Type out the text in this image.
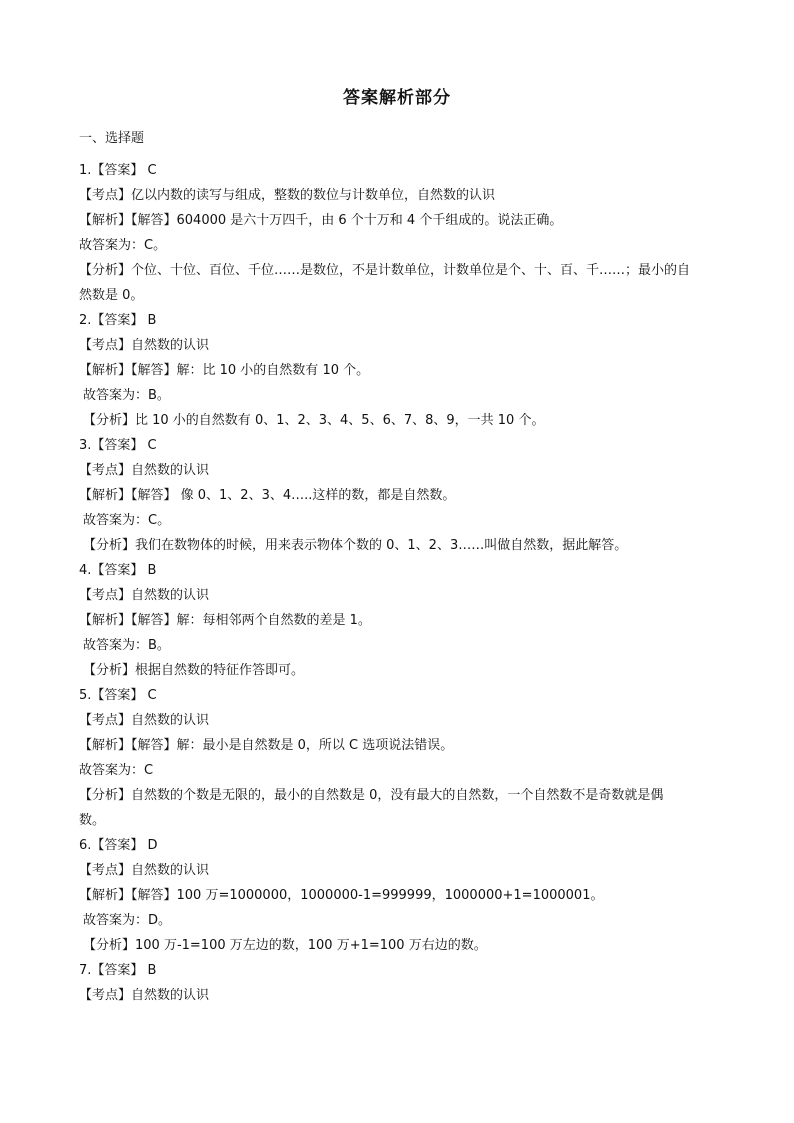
答案解析部分
一、选择题
1.【答案】 C
【考点】亿以内数的读写与组成，整数的数位与计数单位，自然数的认识
【解析】【解答】604000 是六十万四千，由 6 个十万和 4 个千组成的。说法正确。
故答案为：C。
【分析】个位、十位、百位、千位……是数位，不是计数单位，计数单位是个、十、百、千……；最小的自
然数是 0。
2.【答案】 B
【考点】自然数的认识
【解析】【解答】解：比 10 小的自然数有 10 个。
故答案为：B。
【分析】比 10 小的自然数有 0、1、2、3、4、5、6、7、8、9，一共 10 个。
3.【答案】 C
【考点】自然数的认识
【解析】【解答】 像 0、1、2、3、4…..这样的数，都是自然数。
故答案为：C。
【分析】我们在数物体的时候，用来表示物体个数的 0、1、2、3……叫做自然数，据此解答。
4.【答案】 B
【考点】自然数的认识
【解析】【解答】解：每相邻两个自然数的差是 1。
故答案为：B。
【分析】根据自然数的特征作答即可。
5.【答案】 C
【考点】自然数的认识
【解析】【解答】解：最小是自然数是 0，所以 C 选项说法错误。
故答案为：C
【分析】自然数的个数是无限的，最小的自然数是 0，没有最大的自然数，一个自然数不是奇数就是偶
数。
6.【答案】 D
【考点】自然数的认识
【解析】【解答】100 万=1000000，1000000-1=999999，1000000+1=1000001。
故答案为：D。
【分析】100 万-1=100 万左边的数，100 万+1=100 万右边的数。
7.【答案】 B
【考点】自然数的认识
